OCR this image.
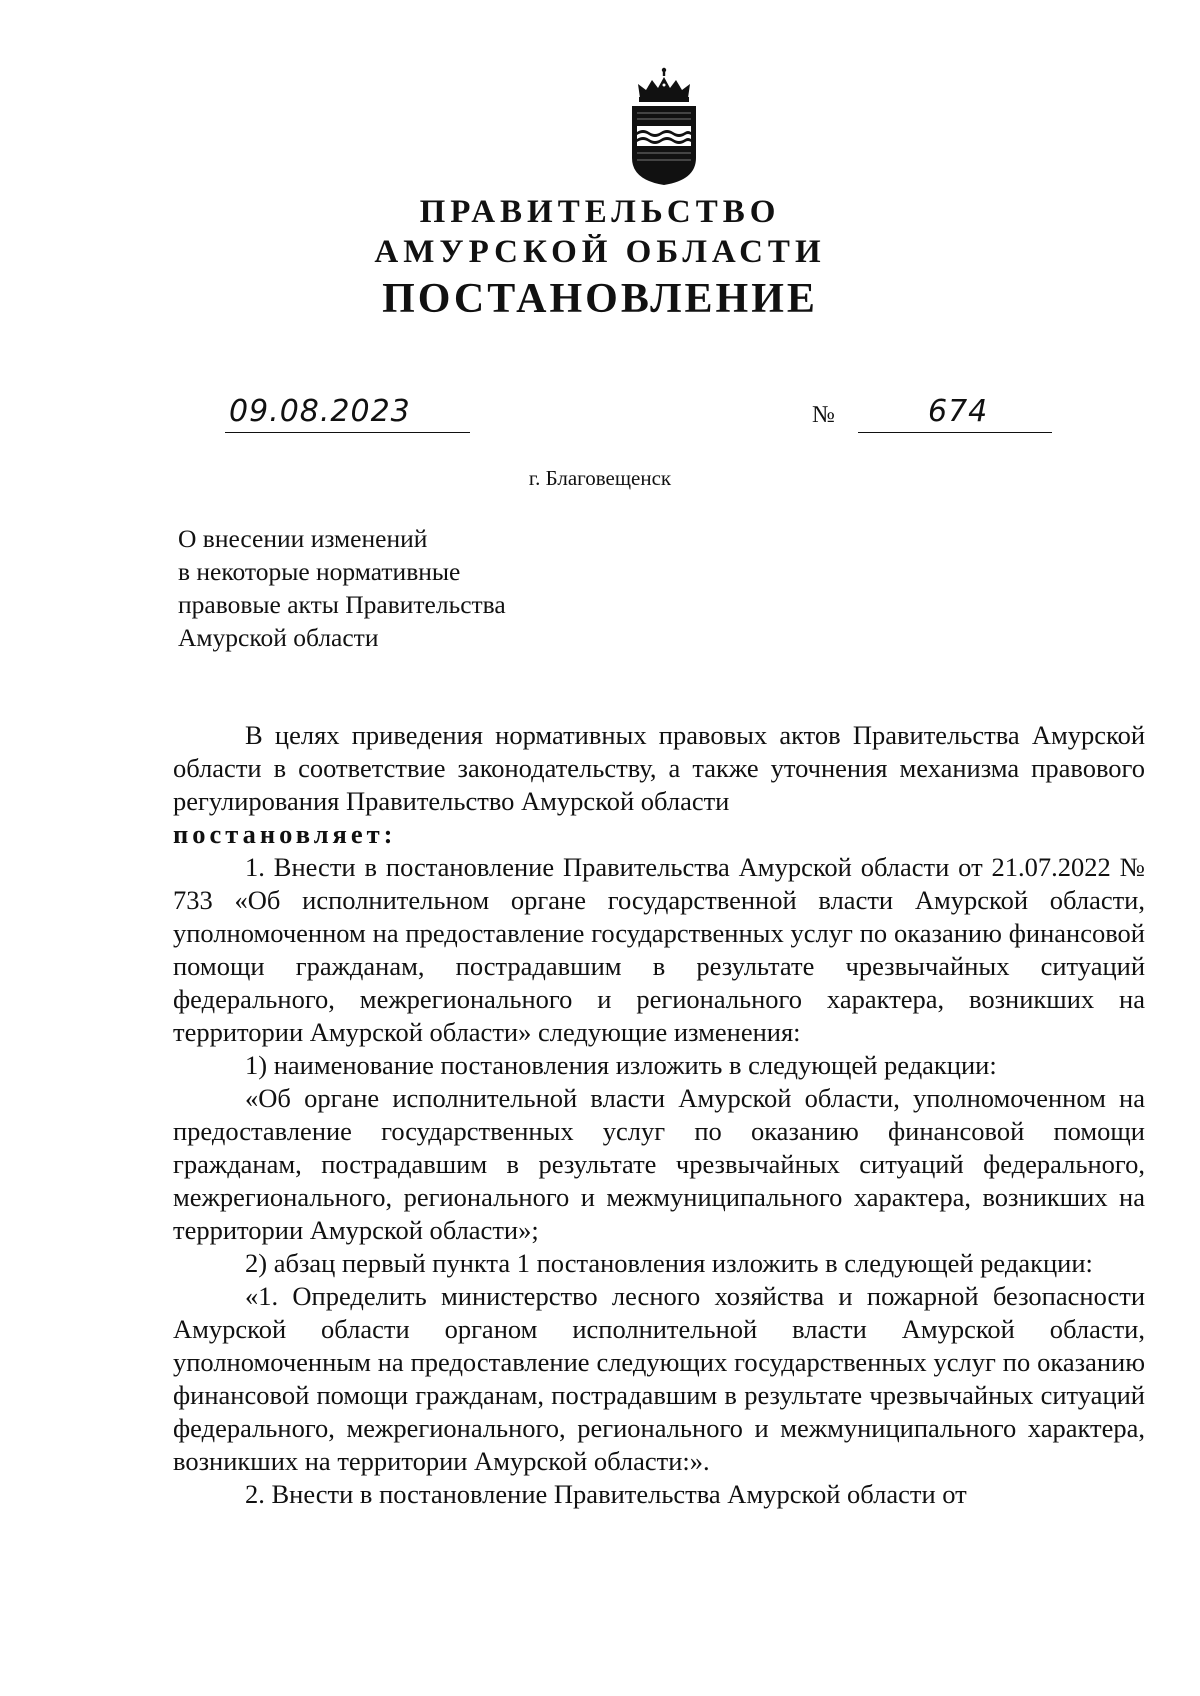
ПРАВИТЕЛЬСТВО
АМУРСКОЙ ОБЛАСТИ
ПОСТАНОВЛЕНИЕ
09.08.2023	№	674
г. Благовещенск
О внесении изменений
в некоторые нормативные
правовые акты Правительства
Амурской области

В целях приведения нормативных правовых актов Правительства Амурской области в соответствие законодательству, а также уточнения механизма правового регулирования Правительство Амурской области

постановляет:

1. Внести в постановление Правительства Амурской области от 21.07.2022 № 733 «Об исполнительном органе государственной власти Амурской области, уполномоченном на предоставление государственных услуг по оказанию финансовой помощи гражданам, пострадавшим в результате чрезвычайных ситуаций федерального, межрегионального и регионального характера, возникших на территории Амурской области» следующие изменения:

1) наименование постановления изложить в следующей редакции:

«Об органе исполнительной власти Амурской области, уполномоченном на предоставление государственных услуг по оказанию финансовой помощи гражданам, пострадавшим в результате чрезвычайных ситуаций федерального, межрегионального, регионального и межмуниципального характера, возникших на территории Амурской области»;

2) абзац первый пункта 1 постановления изложить в следующей редакции:

«1. Определить министерство лесного хозяйства и пожарной безопасности Амурской области органом исполнительной власти Амурской области, уполномоченным на предоставление следующих государственных услуг по оказанию финансовой помощи гражданам, пострадавшим в результате чрезвычайных ситуаций федерального, межрегионального, регионального и межмуниципального характера, возникших на территории Амурской области:».

2. Внести в постановление Правительства Амурской области от
